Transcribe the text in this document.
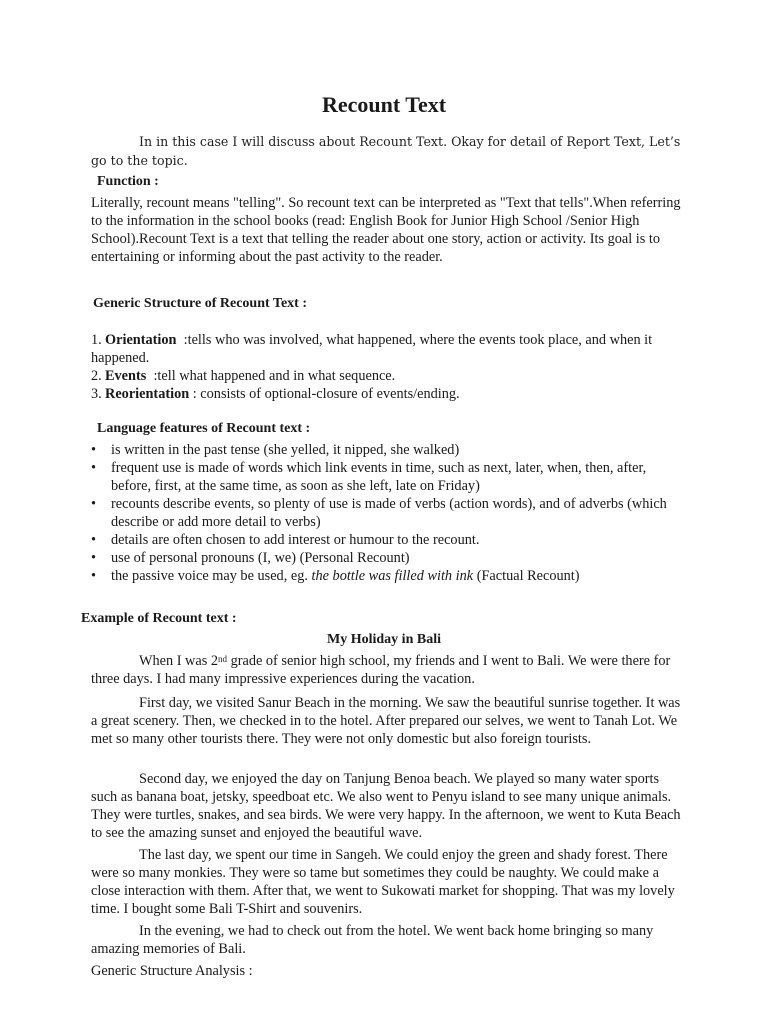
Recount Text

In in this case I will discuss about Recount Text. Okay for detail of Report Text, Let’s go to the topic.

Function :

Literally, recount means "telling". So recount text can be interpreted as "Text that tells".When referring to the information in the school books (read: English Book for Junior High School /Senior High School).Recount Text is a text that telling the reader about one story, action or activity. Its goal is to entertaining or informing about the past activity to the reader.

Generic Structure of Recount Text :

1. Orientation  :tells who was involved, what happened, where the events took place, and when it happened.
2. Events  :tell what happened and in what sequence.
3. Reorientation : consists of optional-closure of events/ending.

Language features of Recount text :

• is written in the past tense (she yelled, it nipped, she walked)
• frequent use is made of words which link events in time, such as next, later, when, then, after, before, first, at the same time, as soon as she left, late on Friday)
• recounts describe events, so plenty of use is made of verbs (action words), and of adverbs (which describe or add more detail to verbs)
• details are often chosen to add interest or humour to the recount.
• use of personal pronouns (I, we) (Personal Recount)
• the passive voice may be used, eg. the bottle was filled with ink (Factual Recount)

Example of Recount text :

My Holiday in Bali

When I was 2nd grade of senior high school, my friends and I went to Bali. We were there for three days. I had many impressive experiences during the vacation.

First day, we visited Sanur Beach in the morning. We saw the beautiful sunrise together. It was a great scenery. Then, we checked in to the hotel. After prepared our selves, we went to Tanah Lot. We met so many other tourists there. They were not only domestic but also foreign tourists.

Second day, we enjoyed the day on Tanjung Benoa beach. We played so many water sports such as banana boat, jetsky, speedboat etc. We also went to Penyu island to see many unique animals. They were turtles, snakes, and sea birds. We were very happy. In the afternoon, we went to Kuta Beach to see the amazing sunset and enjoyed the beautiful wave.

The last day, we spent our time in Sangeh. We could enjoy the green and shady forest. There were so many monkies. They were so tame but sometimes they could be naughty. We could make a close interaction with them. After that, we went to Sukowati market for shopping. That was my lovely time. I bought some Bali T-Shirt and souvenirs.

In the evening, we had to check out from the hotel. We went back home bringing so many amazing memories of Bali.

Generic Structure Analysis :
